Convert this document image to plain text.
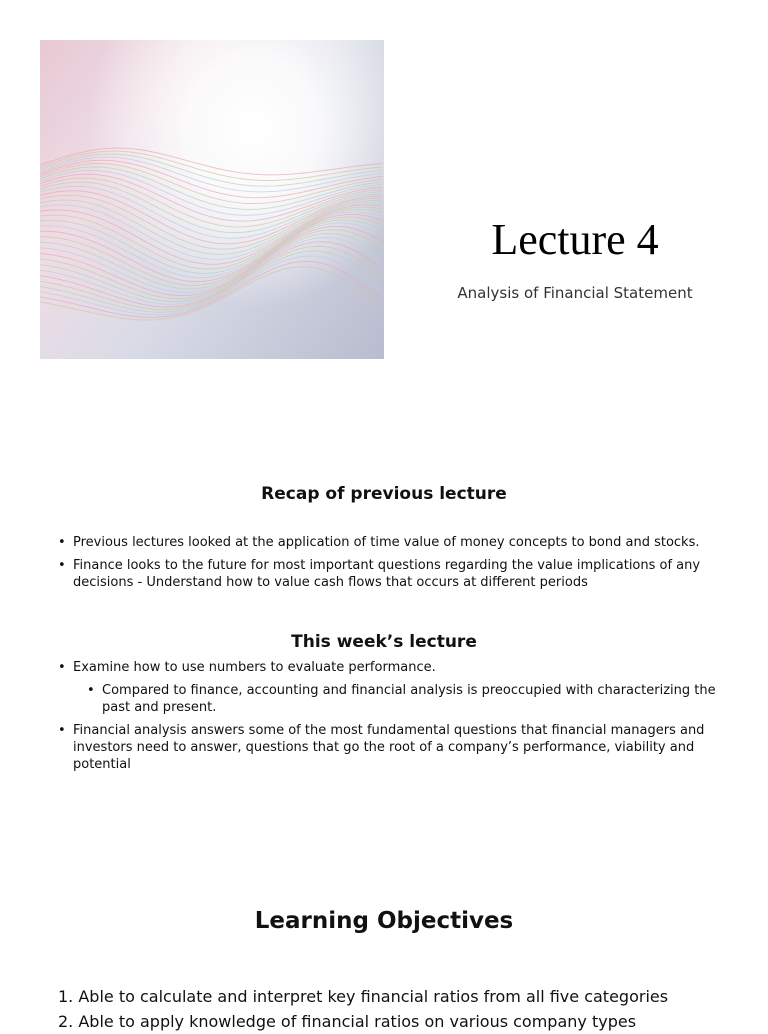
Lecture 4
Analysis of Financial Statement
Recap of previous lecture
• Previous lectures looked at the application of time value of money concepts to bond and stocks.
• Finance looks to the future for most important questions regarding the value implications of any decisions - Understand how to value cash flows that occurs at different periods
This week’s lecture
• Examine how to use numbers to evaluate performance.
• Compared to finance, accounting and financial analysis is preoccupied with characterizing the past and present.
• Financial analysis answers some of the most fundamental questions that financial managers and investors need to answer, questions that go the root of a company’s performance, viability and potential
Learning Objectives
1. Able to calculate and interpret key financial ratios from all five categories
2. Able to apply knowledge of financial ratios on various company types
